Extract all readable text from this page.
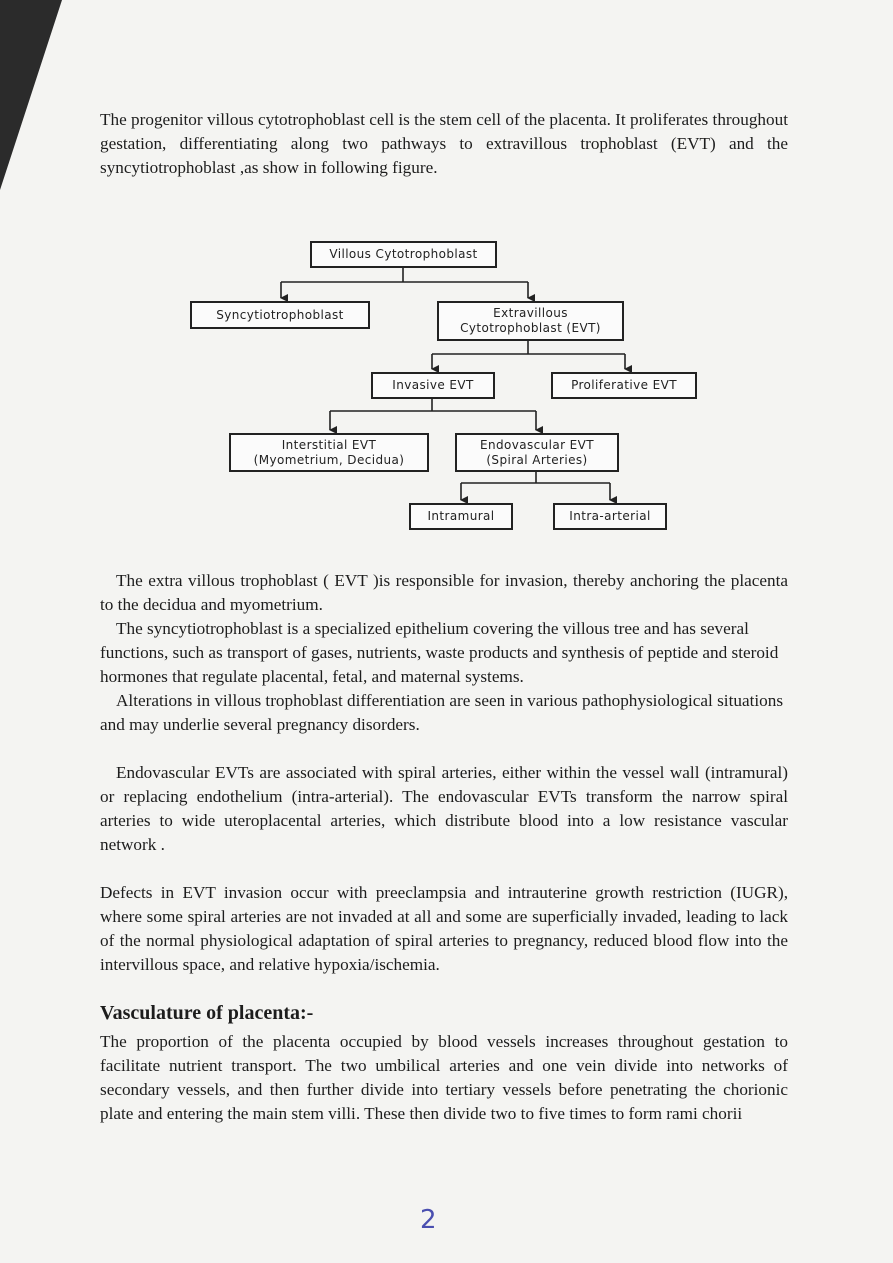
The progenitor villous cytotrophoblast cell is the stem cell of the placenta. It proliferates throughout gestation, differentiating along two pathways to extravillous trophoblast (EVT) and the syncytiotrophoblast ,as show in following figure.

Villous Cytotrophoblast
Syncytiotrophoblast	Extravillous
Cytotrophoblast (EVT)
Invasive EVT	Proliferative EVT
Interstitial EVT
(Myometrium, Decidua)
Endovascular EVT
(Spiral Arteries)
Intramural	Intra-arterial

The extra villous trophoblast ( EVT )is responsible for invasion, thereby anchoring the placenta to the decidua and myometrium.

The syncytiotrophoblast is a specialized epithelium covering the villous tree and has several functions, such as transport of gases, nutrients, waste products and synthesis of peptide and steroid hormones that regulate placental, fetal, and maternal systems.

Alterations in villous trophoblast differentiation are seen in various pathophysiological situations and may underlie several pregnancy disorders.

Endovascular EVTs are associated with spiral arteries, either within the vessel wall (intramural) or replacing endothelium (intra-arterial). The endovascular EVTs transform the narrow spiral arteries to wide uteroplacental arteries, which distribute blood into a low resistance vascular network .

Defects in EVT invasion occur with preeclampsia and intrauterine growth restriction (IUGR), where some spiral arteries are not invaded at all and some are superficially invaded, leading to lack of the normal physiological adaptation of spiral arteries to pregnancy, reduced blood flow into the intervillous space, and relative hypoxia/ischemia.

Vasculature of placenta:-

The proportion of the placenta occupied by blood vessels increases throughout gestation to facilitate nutrient transport. The two umbilical arteries and one vein divide into networks of secondary vessels, and then further divide into tertiary vessels before penetrating the chorionic plate and entering the main stem villi. These then divide two to five times to form rami chorii

2
